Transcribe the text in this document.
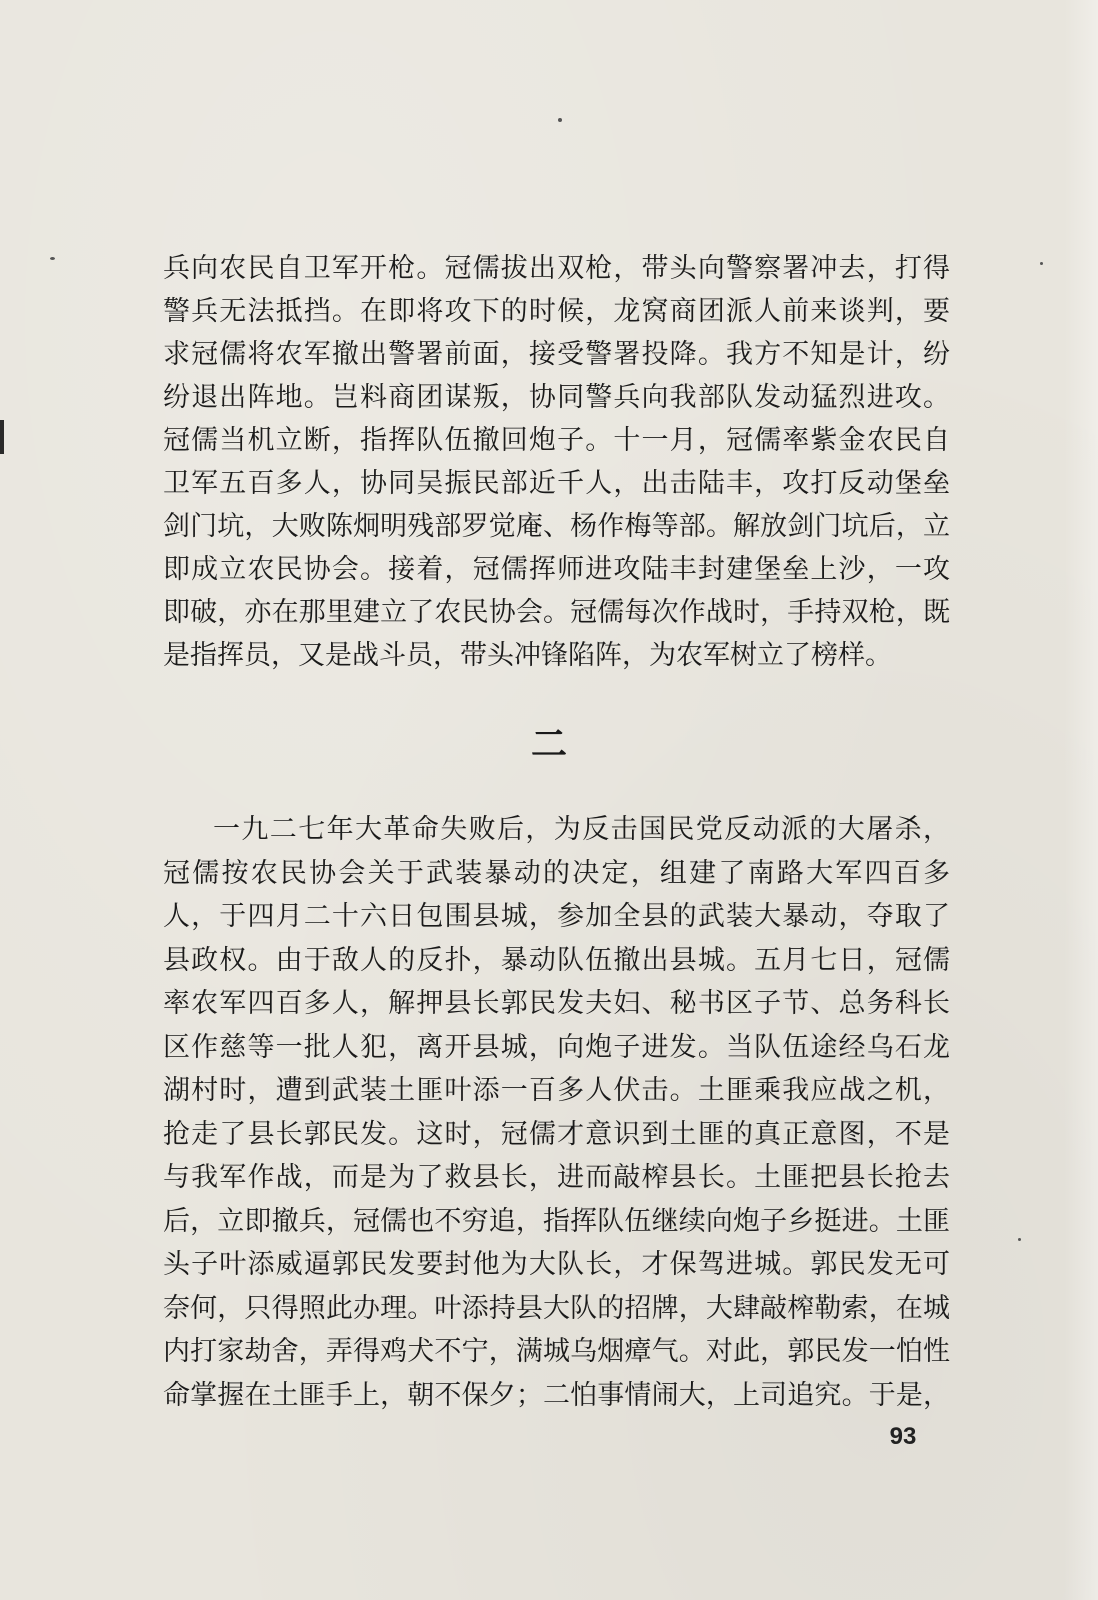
兵向农民自卫军开枪。冠儒拔出双枪，带头向警察署冲去，打得
警兵无法抵挡。在即将攻下的时候，龙窝商团派人前来谈判，要
求冠儒将农军撤出警署前面，接受警署投降。我方不知是计，纷
纷退出阵地。岂料商团谋叛，协同警兵向我部队发动猛烈进攻。
冠儒当机立断，指挥队伍撤回炮子。十一月，冠儒率紫金农民自
卫军五百多人，协同吴振民部近千人，出击陆丰，攻打反动堡垒
剑门坑，大败陈炯明残部罗觉庵、杨作梅等部。解放剑门坑后，立
即成立农民协会。接着，冠儒挥师进攻陆丰封建堡垒上沙，一攻
即破，亦在那里建立了农民协会。冠儒每次作战时，手持双枪，既
是指挥员，又是战斗员，带头冲锋陷阵，为农军树立了榜样。
二
一九二七年大革命失败后，为反击国民党反动派的大屠杀，
冠儒按农民协会关于武装暴动的决定，组建了南路大军四百多
人，于四月二十六日包围县城，参加全县的武装大暴动，夺取了
县政权。由于敌人的反扑，暴动队伍撤出县城。五月七日，冠儒
率农军四百多人，解押县长郭民发夫妇、秘书区子节、总务科长
区作慈等一批人犯，离开县城，向炮子进发。当队伍途经乌石龙
湖村时，遭到武装土匪叶添一百多人伏击。土匪乘我应战之机，
抢走了县长郭民发。这时，冠儒才意识到土匪的真正意图，不是
与我军作战，而是为了救县长，进而敲榨县长。土匪把县长抢去
后，立即撤兵，冠儒也不穷追，指挥队伍继续向炮子乡挺进。土匪
头子叶添威逼郭民发要封他为大队长，才保驾进城。郭民发无可
奈何，只得照此办理。叶添持县大队的招牌，大肆敲榨勒索，在城
内打家劫舍，弄得鸡犬不宁，满城乌烟瘴气。对此，郭民发一怕性
命掌握在土匪手上，朝不保夕；二怕事情闹大，上司追究。于是，
93
